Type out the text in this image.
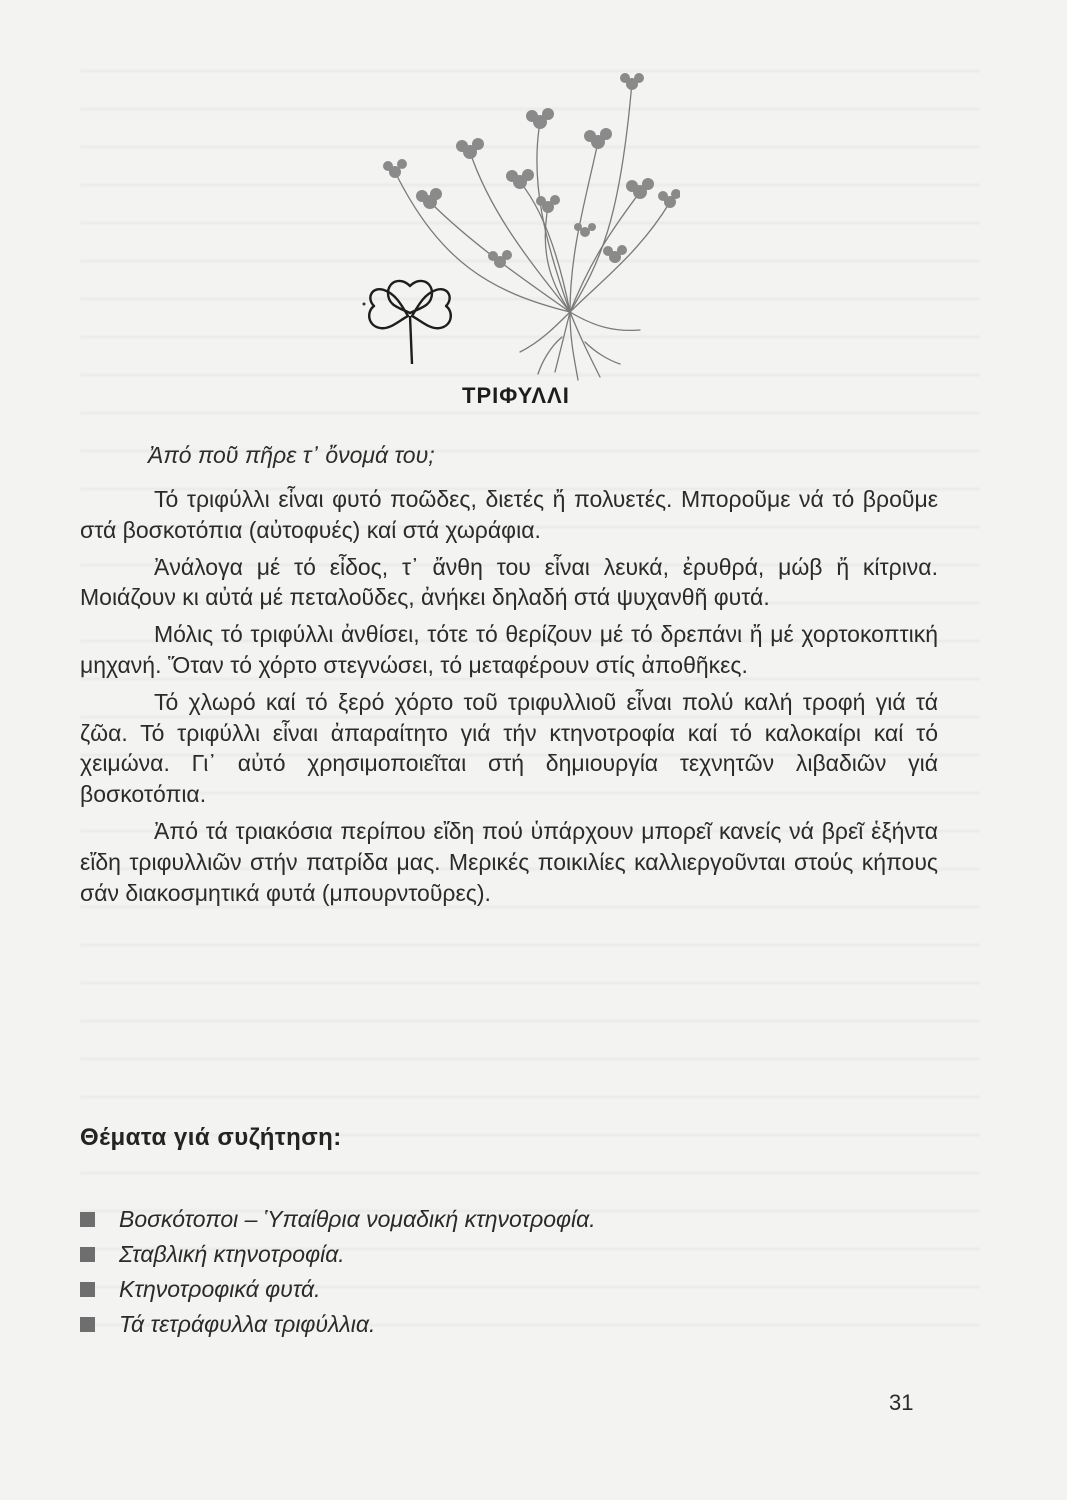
ΤΡΙΦΥΛΛΙ
Ἀπό ποῦ πῆρε τ᾽ ὄνομά του;

Τό τριφύλλι εἶναι φυτό ποῶδες, διετές ἤ πολυετές. Μποροῦμε νά τό βροῦμε στά βοσκοτόπια (αὐτοφυές) καί στά χωράφια.

Ἀνάλογα μέ τό εἶδος, τ᾽ ἄνθη του εἶναι λευκά, ἐρυθρά, μώβ ἤ κίτρινα. Μοιάζουν κι αὐτά μέ πεταλοῦδες, ἀνήκει δηλαδή στά ψυχανθῆ φυτά.

Μόλις τό τριφύλλι ἀνθίσει, τότε τό θερίζουν μέ τό δρεπάνι ἤ μέ χορτοκοπτική μηχανή. Ὅταν τό χόρτο στεγνώσει, τό μεταφέρουν στίς ἀποθῆκες.

Τό χλωρό καί τό ξερό χόρτο τοῦ τριφυλλιοῦ εἶναι πολύ καλή τροφή γιά τά ζῶα. Τό τριφύλλι εἶναι ἀπαραίτητο γιά τήν κτηνοτροφία καί τό καλοκαίρι καί τό χειμώνα. Γι᾽ αὐτό χρησιμοποιεῖται στή δημιουργία τεχνητῶν λιβαδιῶν γιά βοσκοτόπια.

Ἀπό τά τριακόσια περίπου εἴδη πού ὑπάρχουν μπορεῖ κανείς νά βρεῖ ἑξήντα εἴδη τριφυλλιῶν στήν πατρίδα μας. Μερικές ποικιλίες καλλιεργοῦνται στούς κήπους σάν διακοσμητικά φυτά (μπουρντοῦρες).

Θέματα γιά συζήτηση:
Βοσκότοποι – Ὑπαίθρια νομαδική κτηνοτροφία.
Σταβλική κτηνοτροφία.
Κτηνοτροφικά φυτά.
Τά τετράφυλλα τριφύλλια.
31
